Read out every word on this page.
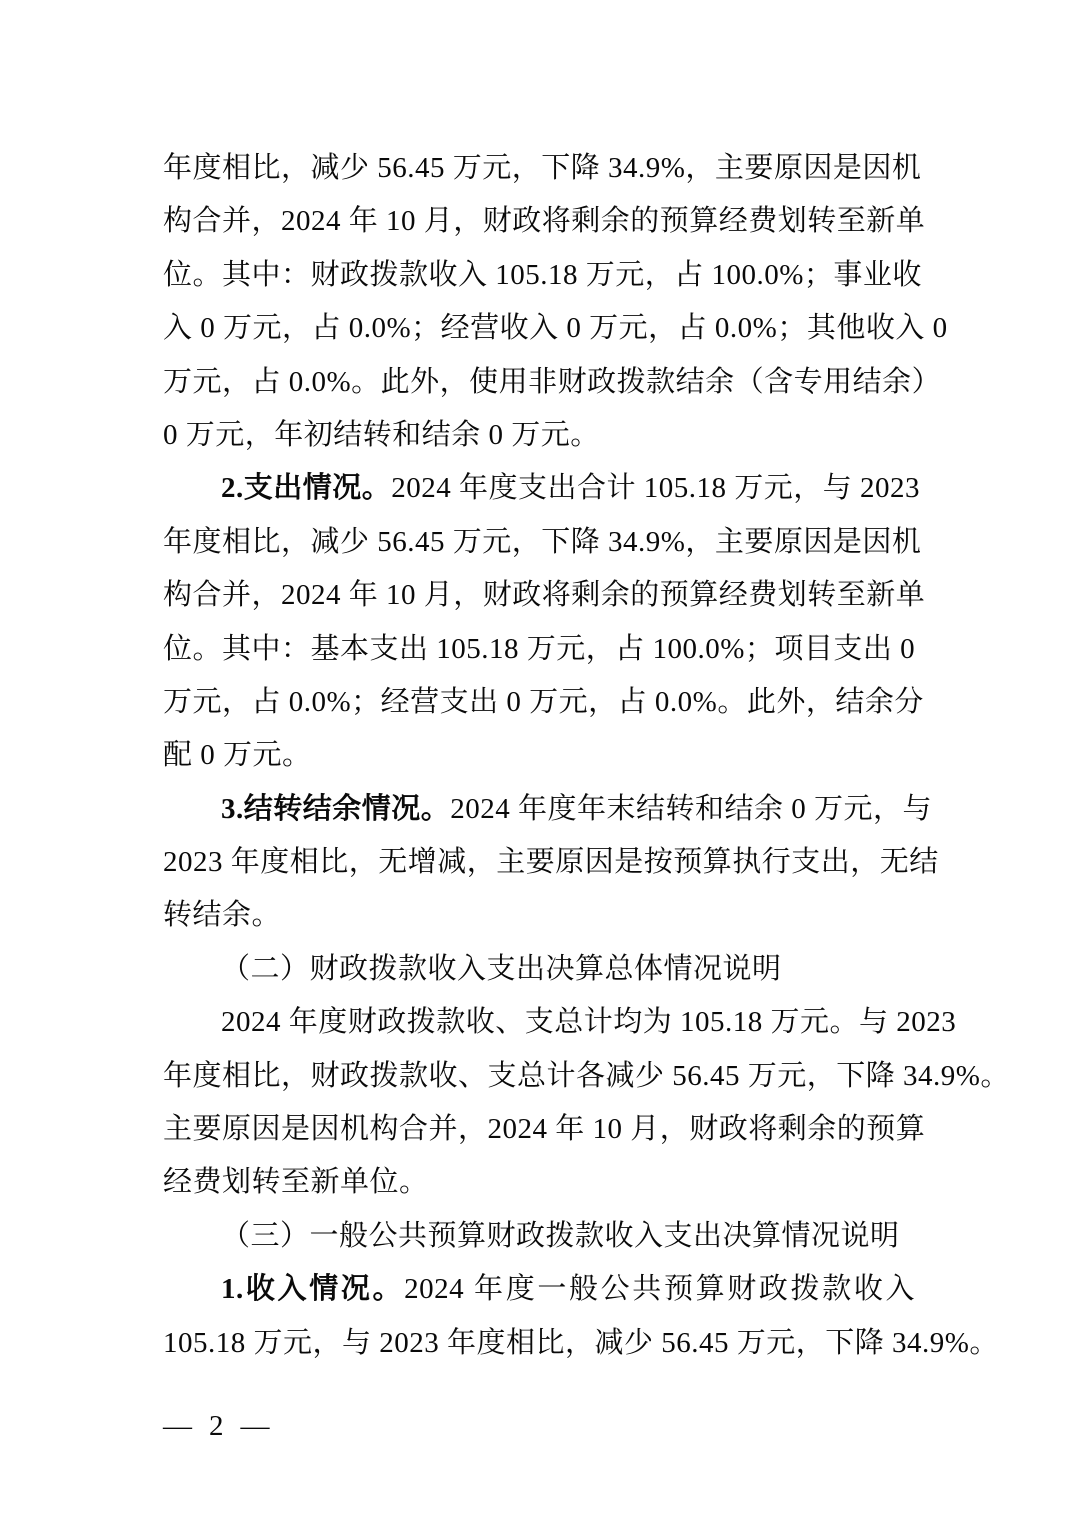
年度相比，减少 56.45 万元，下降 34.9%，主要原因是因机
构合并，2024 年 10 月，财政将剩余的预算经费划转至新单
位。其中：财政拨款收入 105.18 万元，占 100.0%；事业收
入 0 万元，占 0.0%；经营收入 0 万元，占 0.0%；其他收入 0
万元，占 0.0%。此外，使用非财政拨款结余（含专用结余）
0 万元，年初结转和结余 0 万元。
2.支出情况。2024 年度支出合计 105.18 万元，与 2023
年度相比，减少 56.45 万元，下降 34.9%，主要原因是因机
构合并，2024 年 10 月，财政将剩余的预算经费划转至新单
位。其中：基本支出 105.18 万元，占 100.0%；项目支出 0
万元，占 0.0%；经营支出 0 万元，占 0.0%。此外，结余分
配 0 万元。
3.结转结余情况。2024 年度年末结转和结余 0 万元，与
2023 年度相比，无增减，主要原因是按预算执行支出，无结
转结余。
（二）财政拨款收入支出决算总体情况说明
2024 年度财政拨款收、支总计均为 105.18 万元。与 2023
年度相比，财政拨款收、支总计各减少 56.45 万元，下降 34.9%。
主要原因是因机构合并，2024 年 10 月，财政将剩余的预算
经费划转至新单位。
（三）一般公共预算财政拨款收入支出决算情况说明
1.收入情况。2024 年度一般公共预算财政拨款收入
105.18 万元，与 2023 年度相比，减少 56.45 万元，下降 34.9%。
— 2 —
